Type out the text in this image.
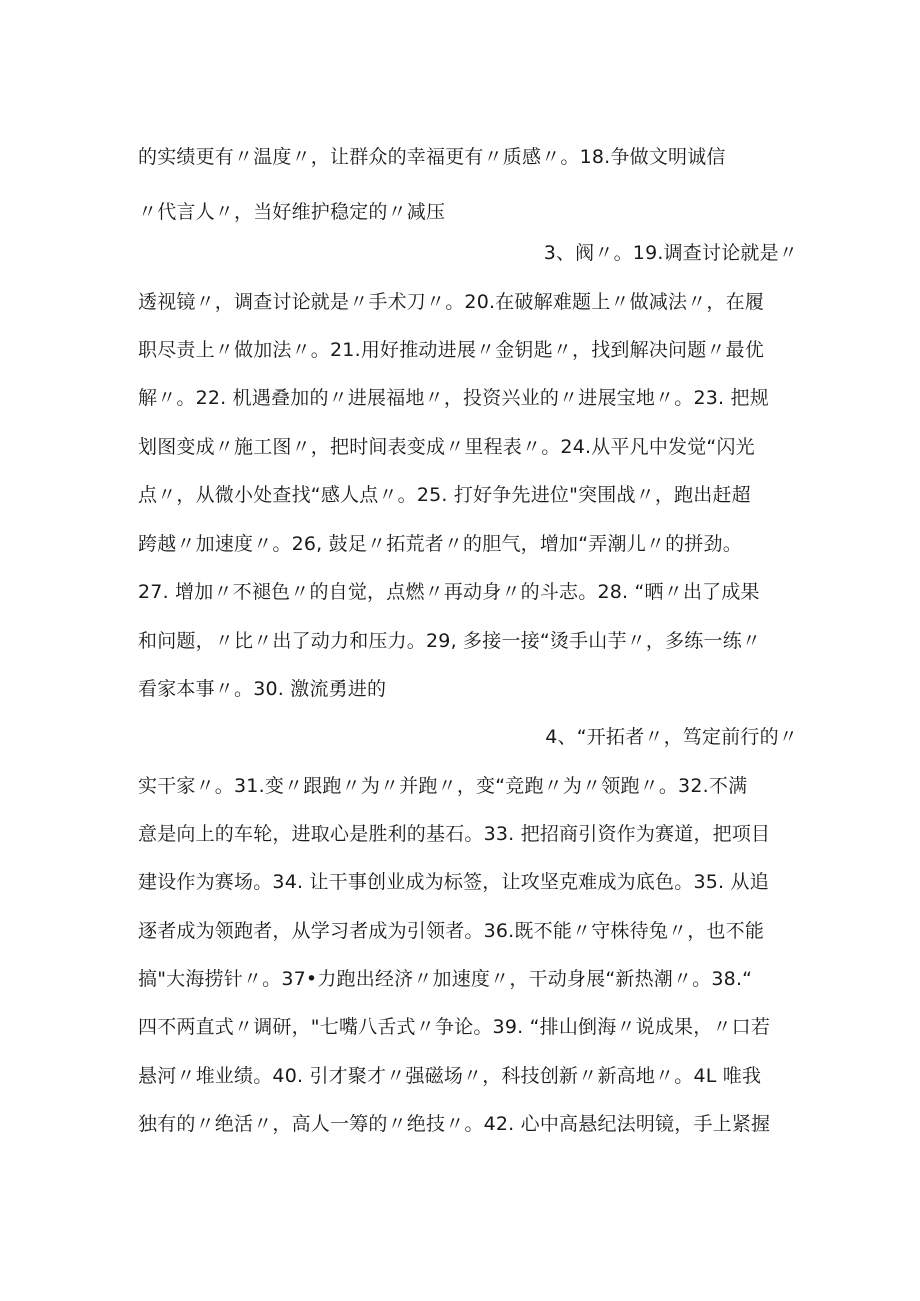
的实绩更有〃温度〃，让群众的幸福更有〃质感〃。18.争做文明诚信
〃代言人〃，当好维护稳定的〃减压
3、阀〃。19.调查讨论就是〃
透视镜〃，调查讨论就是〃手术刀〃。20.在破解难题上〃做减法〃，在履
职尽责上〃做加法〃。21.用好推动进展〃金钥匙〃，找到解决问题〃最优
解〃。22. 机遇叠加的〃进展福地〃，投资兴业的〃进展宝地〃。23. 把规
划图变成〃施工图〃，把时间表变成〃里程表〃。24.从平凡中发觉“闪光
点〃，从微小处查找“感人点〃。25. 打好争先进位"突围战〃，跑出赶超
跨越〃加速度〃。26, 鼓足〃拓荒者〃的胆气，增加“弄潮儿〃的拼劲。
27. 增加〃不褪色〃的自觉，点燃〃再动身〃的斗志。28. “晒〃出了成果
和问题，〃比〃出了动力和压力。29, 多接一接“烫手山芋〃，多练一练〃
看家本事〃。30. 激流勇进的
4、“开拓者〃，笃定前行的〃
实干家〃。31.变〃跟跑〃为〃并跑〃，变“竞跑〃为〃领跑〃。32.不满
意是向上的车轮，进取心是胜利的基石。33. 把招商引资作为赛道，把项目
建设作为赛场。34. 让干事创业成为标签，让攻坚克难成为底色。35. 从追
逐者成为领跑者，从学习者成为引领者。36.既不能〃守株待兔〃，也不能
搞"大海捞针〃。37•力跑出经济〃加速度〃，干动身展“新热潮〃。38.“
四不两直式〃调研，"七嘴八舌式〃争论。39. “排山倒海〃说成果，〃口若
悬河〃堆业绩。40. 引才聚才〃强磁场〃，科技创新〃新高地〃。4L 唯我
独有的〃绝活〃，高人一筹的〃绝技〃。42. 心中高悬纪法明镜，手上紧握
